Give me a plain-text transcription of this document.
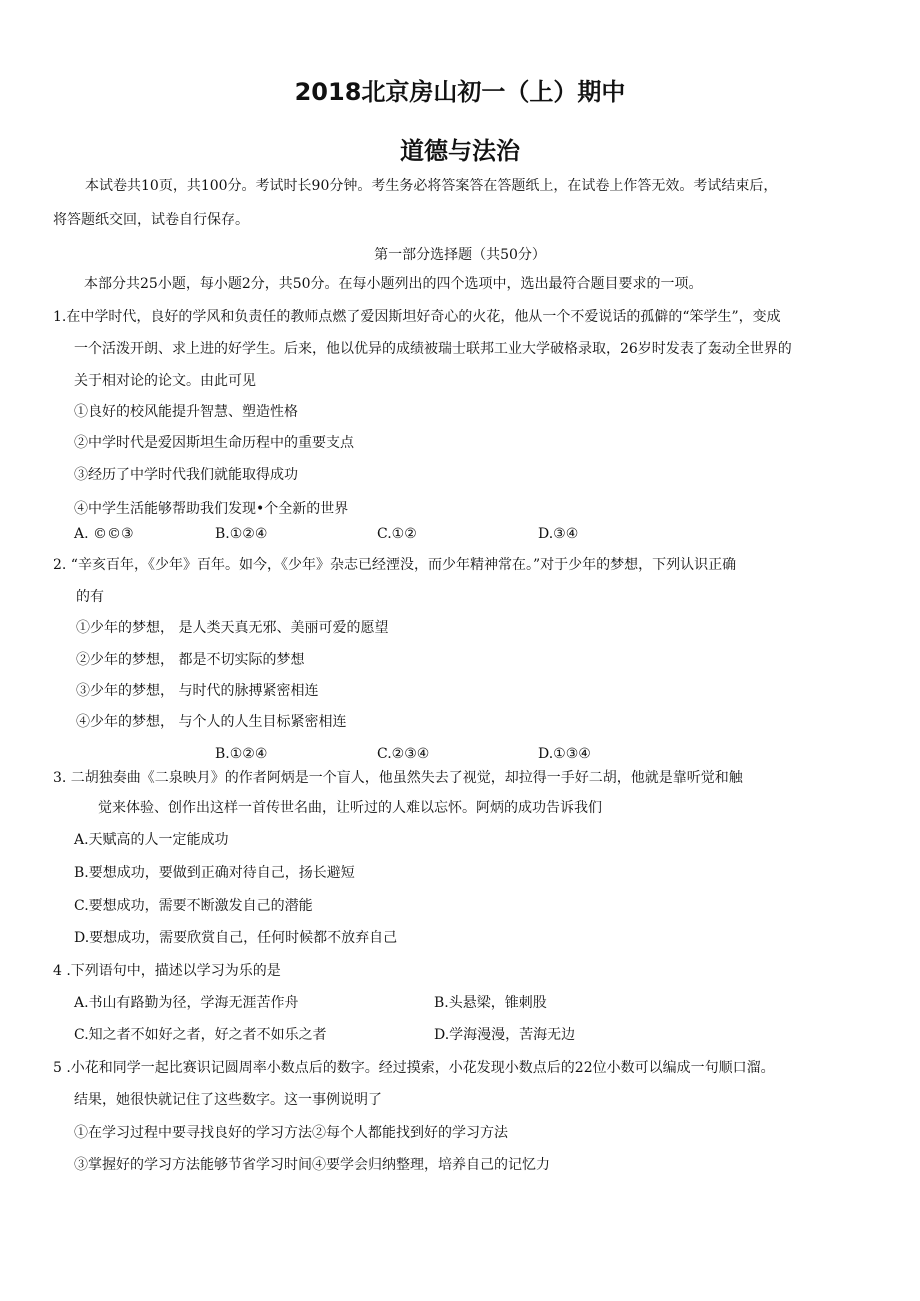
2018北京房山初一（上）期中
道德与法治
本试卷共10页，共100分。考试时长90分钟。考生务必将答案答在答题纸上，在试卷上作答无效。考试结束后，
将答题纸交回，试卷自行保存。
第一部分选择题（共50分）
本部分共25小题，每小题2分，共50分。在每小题列出的四个选项中，选出最符合题目要求的一项。
1.在中学时代，良好的学风和负责任的教师点燃了爱因斯坦好奇心的火花，他从一个不爱说话的孤僻的“笨学生”，变成
一个活泼开朗、求上进的好学生。后来，他以优异的成绩被瑞士联邦工业大学破格录取，26岁时发表了轰动全世界的
关于相对论的论文。由此可见
①良好的校风能提升智慧、塑造性格
②中学时代是爱因斯坦生命历程中的重要支点
③经历了中学时代我们就能取得成功
④中学生活能够帮助我们发现•个全新的世界
A. ©©③	B.①②④	C.①②	D.③④
2. “辛亥百年，《少年》百年。如今，《少年》杂志已经湮没，而少年精神常在。”对于少年的梦想，下列认识正确
的有
①少年的梦想， 是人类天真无邪、美丽可爱的愿望
②少年的梦想， 都是不切实际的梦想
③少年的梦想， 与时代的脉搏紧密相连
④少年的梦想， 与个人的人生目标紧密相连
B.①②④	C.②③④	D.①③④
3. 二胡独奏曲《二泉映月》的作者阿炳是一个盲人，他虽然失去了视觉，却拉得一手好二胡，他就是靠听觉和触
觉来体验、创作出这样一首传世名曲，让听过的人难以忘怀。阿炳的成功告诉我们
A.天赋高的人一定能成功
B.要想成功，要做到正确对待自己，扬长避短
C.要想成功，需要不断激发自己的潜能
D.要想成功，需要欣赏自己，任何时候都不放弃自己
4 .下列语句中，描述以学习为乐的是
A.书山有路勤为径，学海无涯苦作舟	B.头悬梁，锥刺股
C.知之者不如好之者，好之者不如乐之者	D.学海漫漫，苦海无边
5 .小花和同学一起比赛识记圆周率小数点后的数字。经过摸索，小花发现小数点后的22位小数可以编成一句顺口溜。
结果，她很快就记住了这些数字。这一事例说明了
①在学习过程中要寻找良好的学习方法②每个人都能找到好的学习方法
③掌握好的学习方法能够节省学习时间④要学会归纳整理，培养自己的记忆力
